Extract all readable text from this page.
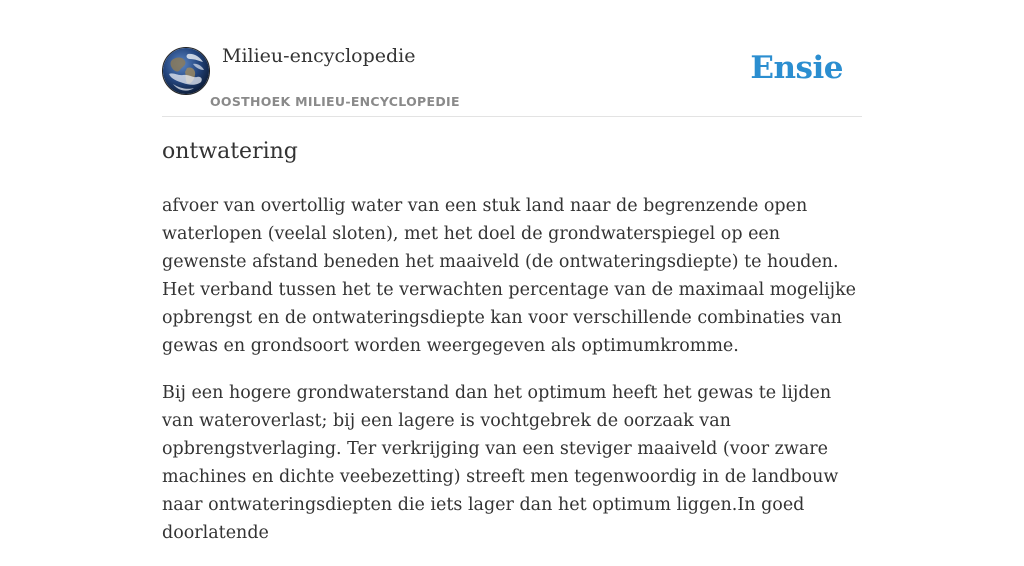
Milieu-encyclopedie
OOSTHOEK MILIEU-ENCYCLOPEDIE
Ensie
ontwatering

afvoer van overtollig water van een stuk land naar de begrenzende open waterlopen (veelal sloten), met het doel de grondwaterspiegel op een gewenste afstand beneden het maaiveld (de ontwateringsdiepte) te houden. Het verband tussen het te verwachten percentage van de maximaal mogelijke opbrengst en de ontwateringsdiepte kan voor verschillende combinaties van gewas en grondsoort worden weergegeven als optimumkromme.

Bij een hogere grondwaterstand dan het optimum heeft het gewas te lijden van wateroverlast; bij een lagere is vochtgebrek de oorzaak van opbrengstverlaging. Ter verkrijging van een steviger maaiveld (voor zware machines en dichte veebezetting) streeft men tegenwoordig in de landbouw naar ontwateringsdiepten die iets lager dan het optimum liggen.In goed doorlatende
